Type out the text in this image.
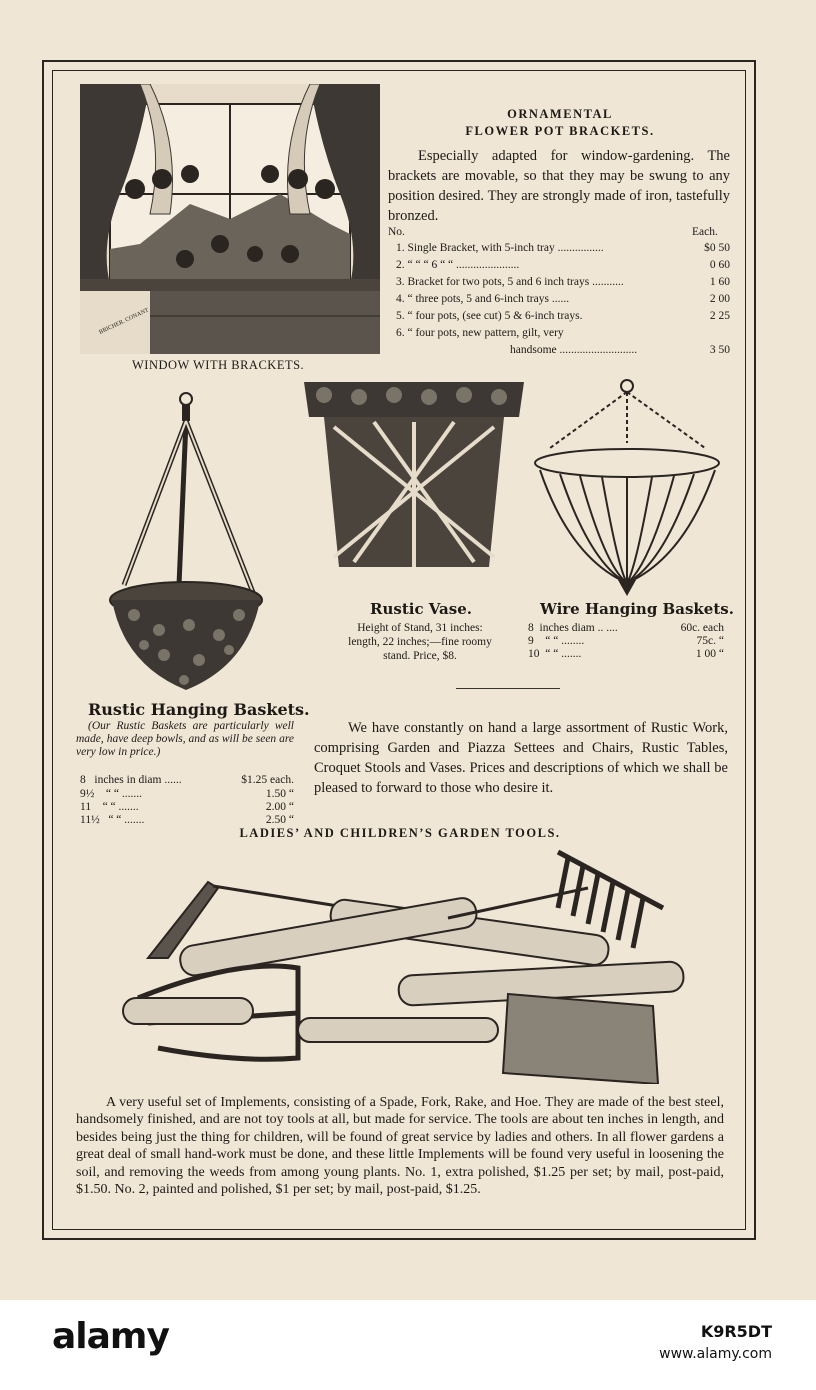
BRICHER. CONANT
WINDOW WITH BRACKETS.
ORNAMENTAL
FLOWER POT BRACKETS.
Especially adapted for window-gardening. The brackets are movable, so that they may be swung to any position desired. They are strongly made of iron, tastefully bronzed.
No.	Each.
1. Single Bracket, with 5-inch tray ................	$0 50
2. “ “ “ 6 “ “ ......................	0 60
3. Bracket for two pots, 5 and 6 inch trays ...........	1 60
4. “ three pots, 5 and 6-inch trays ......	2 00
5. “ four pots, (see cut) 5 & 6-inch trays.	2 25
6. “ four pots, new pattern, gilt, very
handsome ...........................	3 50
Rustic Vase.
Height of Stand, 31 inches:
length, 22 inches;—fine roomy
stand. Price, $8.
Wire Hanging Baskets.
8 inches diam .. ....	60c. each
9 “ “ ........	75c. “
10 “ “ .......	1 00 “
Rustic Hanging Baskets.
(Our Rustic Baskets are particularly well made, have deep bowls, and as will be seen are very low in price.)
8 inches in diam ......	$1.25 each.
9½ “ “ .......	1.50 “
11 “ “ .......	2.00 “
11½ “ “ .......	2.50 “
We have constantly on hand a large assortment of Rustic Work, comprising Garden and Piazza Settees and Chairs, Rustic Tables, Croquet Stools and Vases. Prices and descriptions of which we shall be pleased to forward to those who desire it.
LADIES’ AND CHILDREN’S GARDEN TOOLS.
A very useful set of Implements, consisting of a Spade, Fork, Rake, and Hoe. They are made of the best steel, handsomely finished, and are not toy tools at all, but made for service. The tools are about ten inches in length, and besides being just the thing for children, will be found of great service by ladies and others. In all flower gardens a great deal of small hand-work must be done, and these little Implements will be found very useful in loosening the soil, and removing the weeds from among young plants. No. 1, extra polished, $1.25 per set; by mail, post-paid, $1.50. No. 2, painted and polished, $1 per set; by mail, post-paid, $1.25.
alamy	K9R5DT
www.alamy.com
